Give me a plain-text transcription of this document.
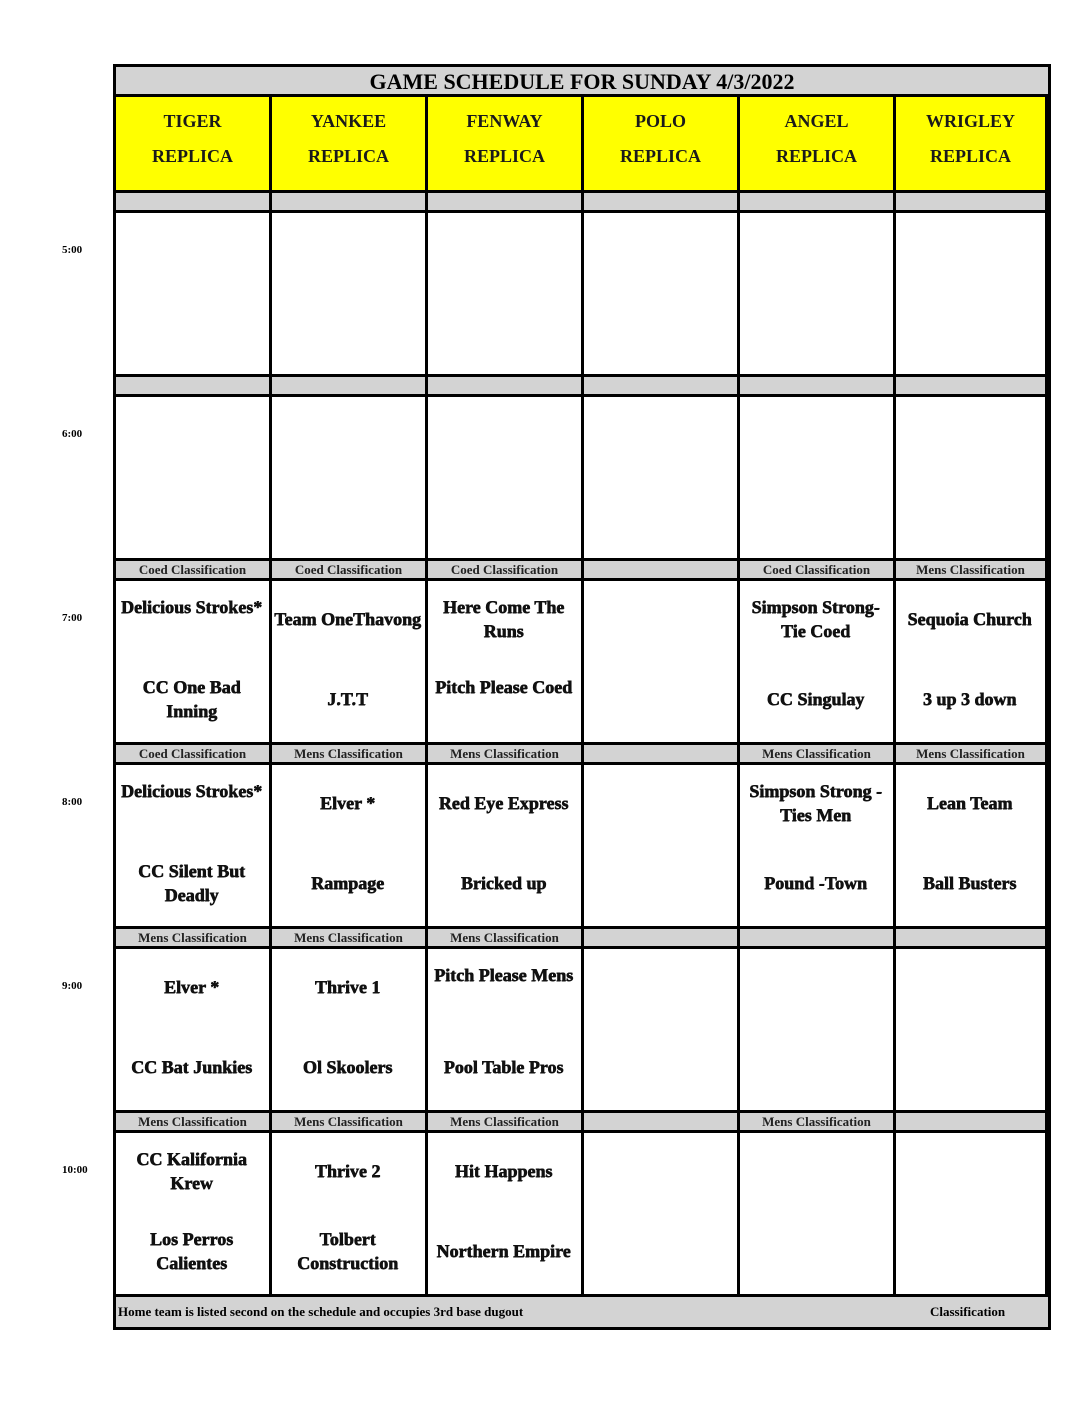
5:00
6:00
7:00
8:00
9:00
10:00
GAME SCHEDULE FOR SUNDAY 4/3/2022
TIGER
REPLICA
YANKEE
REPLICA
FENWAY
REPLICA
POLO
REPLICA
ANGEL
REPLICA
WRIGLEY
REPLICA
Coed Classification
Delicious Strokes*
CC One Bad Inning
Coed Classification
Team OneThavong
J.T.T
Coed Classification
Here Come The Runs
Pitch Please Coed
Coed Classification
Simpson Strong-Tie Coed
CC Singulay
Mens Classification
Sequoia Church
3 up 3 down
Coed Classification
Delicious Strokes*
CC Silent But Deadly
Mens Classification
Elver *
Rampage
Mens Classification
Red Eye Express
Bricked up
Mens Classification
Simpson Strong - Ties Men
Pound -Town
Mens Classification
Lean Team
Ball Busters
Mens Classification
Elver *
CC Bat Junkies
Mens Classification
Thrive 1
Ol Skoolers
Mens Classification
Pitch Please Mens
Pool Table Pros
Mens Classification
CC Kalifornia Krew
Los Perros Calientes
Mens Classification
Thrive 2
Tolbert Construction
Mens Classification
Hit Happens
Northern Empire
Mens Classification
Home team is listed second on the schedule and occupies 3rd base dugout	Classification
